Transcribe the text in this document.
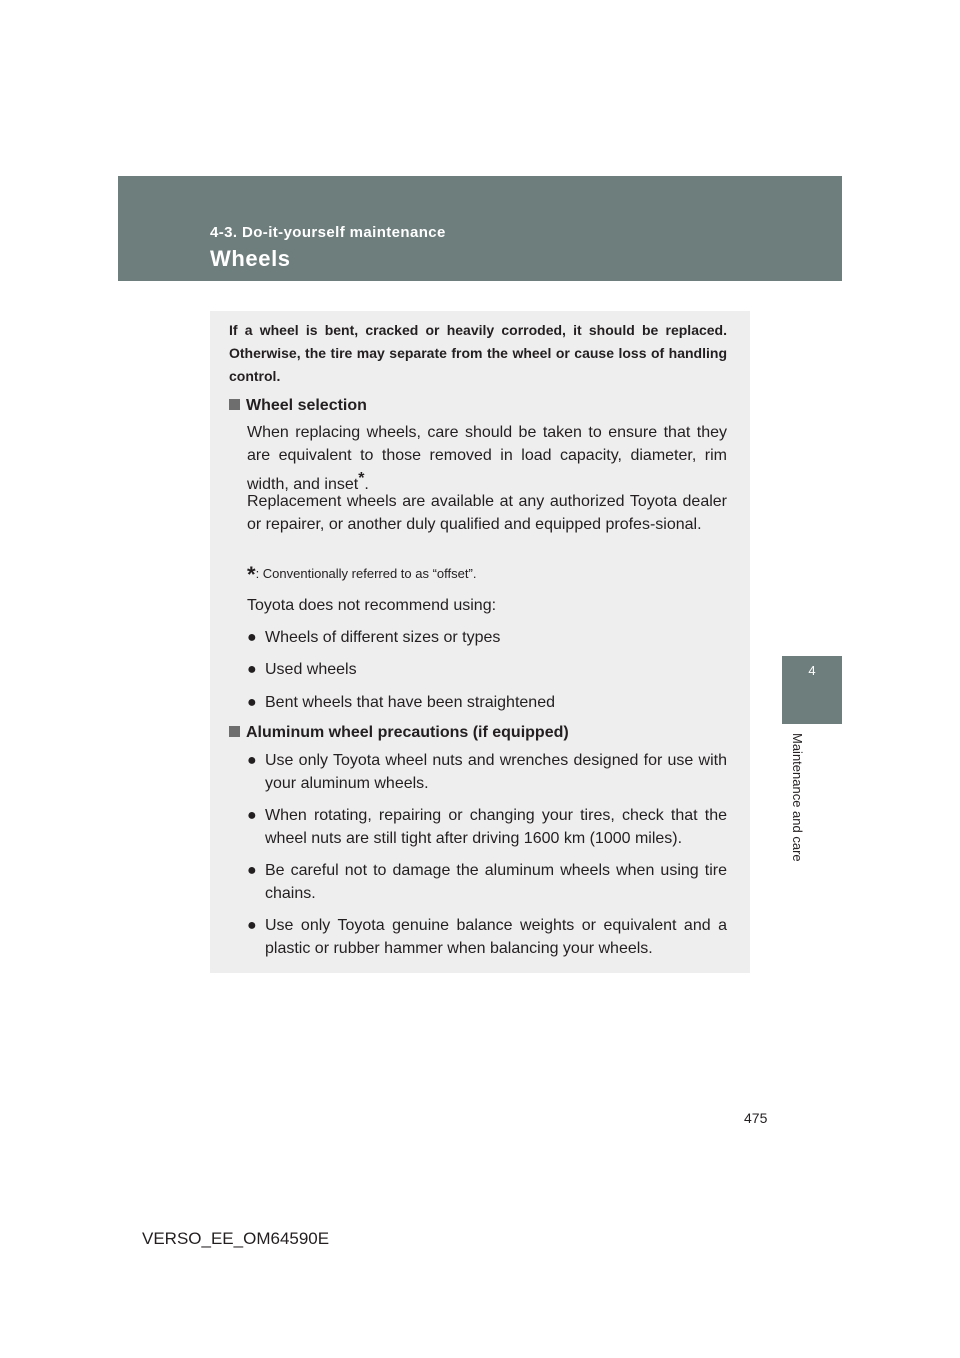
4-3. Do-it-yourself maintenance
Wheels
4
Maintenance and care
If a wheel is bent, cracked or heavily corroded, it should be replaced. Otherwise, the tire may separate from the wheel or cause loss of handling control.
Wheel selection
When replacing wheels, care should be taken to ensure that they are equivalent to those removed in load capacity, diameter, rim width, and inset*.
Replacement wheels are available at any authorized Toyota dealer or repairer, or another duly qualified and equipped profes-sional.
*: Conventionally referred to as “offset”.
Toyota does not recommend using:
● Wheels of different sizes or types
● Used wheels
● Bent wheels that have been straightened
Aluminum wheel precautions (if equipped)
● Use only Toyota wheel nuts and wrenches designed for use with your aluminum wheels.
● When rotating, repairing or changing your tires, check that the wheel nuts are still tight after driving 1600 km (1000 miles).
● Be careful not to damage the aluminum wheels when using tire chains.
● Use only Toyota genuine balance weights or equivalent and a plastic or rubber hammer when balancing your wheels.
475
VERSO_EE_OM64590E
